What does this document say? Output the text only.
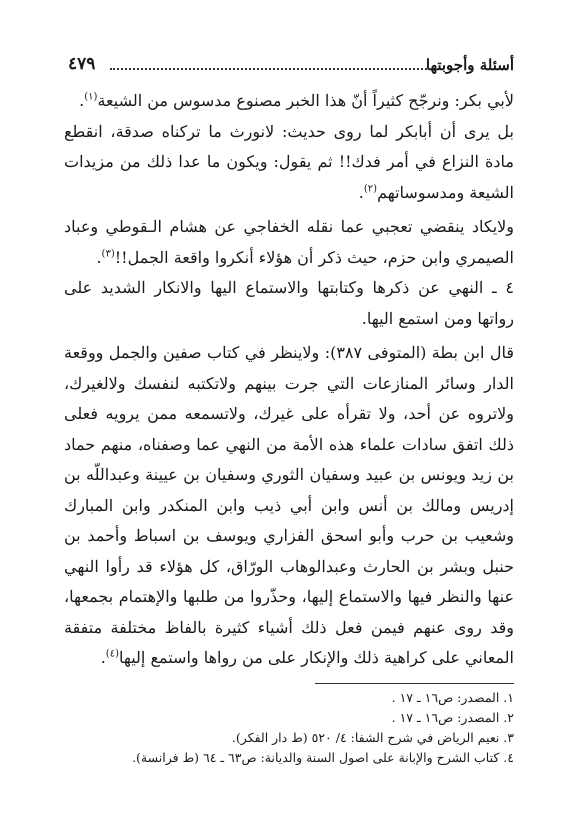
أسئلة وأجوبتها
٤٧٩

لأبي بكر: ونرجّح كثيراً أنّ هذا الخبر مصنوع مدسوس من الشيعة$^{(١)}$.

بل يرى أن أبابكر لما روى حديث: لانورث ما تركناه صدقة، انقطع مادة النزاع في أمر فدك!! ثم يقول: ويكون ما عدا ذلك من مزيدات الشيعة ومدسوساتهم$^{(٢)}$.

ولايكاد ينقضي تعجبي عما نقله الخفاجي عن هشام الـقوطي وعباد الصيمري وابن حزم، حيث ذكر أن هؤلاء أنكروا واقعة الجمل!!$^{(٣)}$.

٤ ـ النهي عن ذكرها وكتابتها والاستماع اليها والانكار الشديد على رواتها ومن استمع اليها.

قال ابن بطة (المتوفى ٣٨٧): ولاينظر في كتاب صفين والجمل ووقعة الدار وسائر المنازعات التي جرت بينهم ولاتكتبه لنفسك ولالغيرك، ولاتروه عن أحد، ولا تقرأه على غيرك، ولاتسمعه ممن يرويه فعلى ذلك اتفق سادات علماء هذه الأمة من النهي عما وصفناه، منهم حماد بن زيد ويونس بن عبيد وسفيان الثوري وسفيان بن عيينة وعبداللّه بن إدريس ومالك بن أنس وابن أبي ذيب وابن المنكدر وابن المبارك وشعيب بن حرب وأبو اسحق الفزاري ويوسف بن اسباط وأحمد بن حنبل وبشر بن الحارث وعبدالوهاب الورّاق، كل هؤلاء قد رأوا النهي عنها والنظر فيها والاستماع إليها، وحذّروا من طلبها والإهتمام بجمعها، وقد روى عنهم فيمن فعل ذلك أشياء كثيرة بالفاظ مختلفة متفقة المعاني على كراهية ذلك والإنكار على من رواها واستمع إليها$^{(٤)}$.

١. المصدر: ص١٦ ـ ١٧ .

٢. المصدر: ص١٦ ـ ١٧ .

٣. نعيم الرياض في شرح الشفا: ٤/ ٥٢٠ (ط دار الفكر).

٤. كتاب الشرح والإبانة على اصول السنة والديانة: ص٦٣ ـ ٦٤ (ط فرانسة).
